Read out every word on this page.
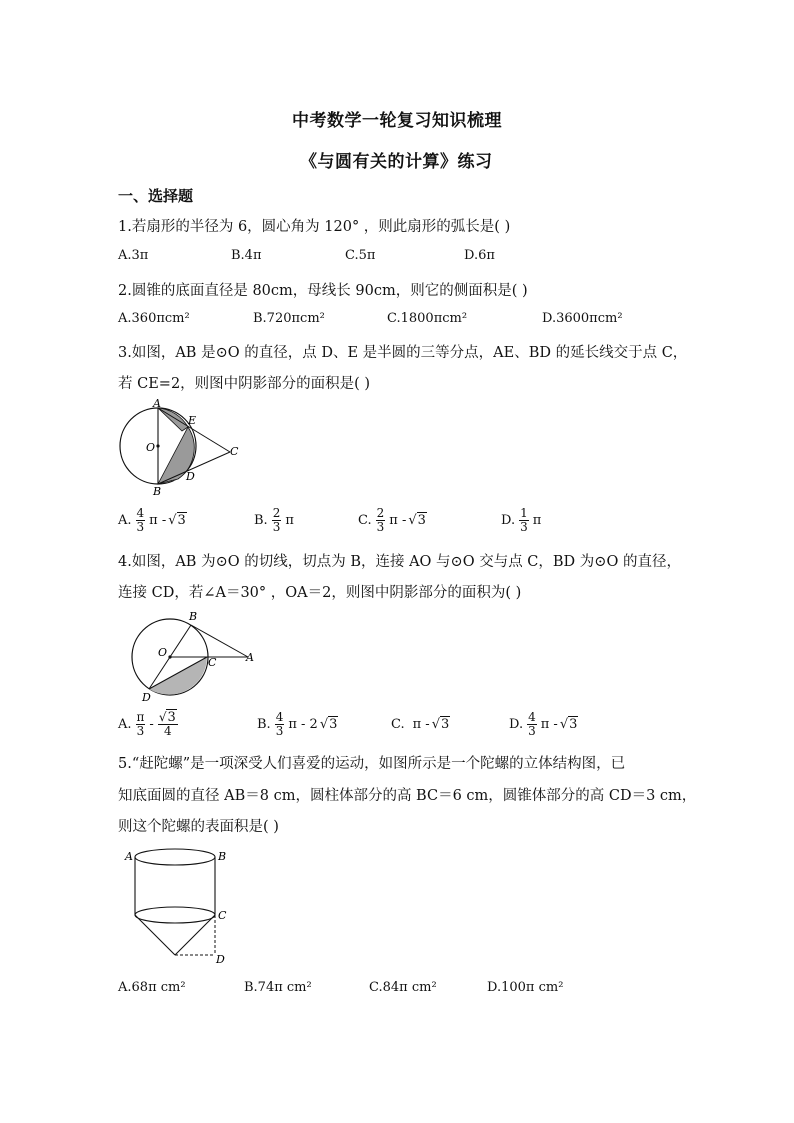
中考数学一轮复习知识梳理
《与圆有关的计算》练习
一、选择题
1.若扇形的半径为 6，圆心角为 120° ，则此扇形的弧长是( )
A.3π	B.4π	C.5π	D.6π
2.圆锥的底面直径是 80cm，母线长 90cm，则它的侧面积是( )
A.360πcm²	B.720πcm²	C.1800πcm²	D.3600πcm²
3.如图，AB 是⊙O 的直径，点 D、E 是半圆的三等分点，AE、BD 的延长线交于点 C，
若 CE=2，则图中阴影部分的面积是( )
A
E
O	C
D
B
A. $\frac{4}{3}$ π - √3	B. $\frac{2}{3}$ π	C. $\frac{2}{3}$ π - √3	D. $\frac{1}{3}$ π
4.如图，AB 为⊙O 的切线，切点为 B，连接 AO 与⊙O 交与点 C，BD 为⊙O 的直径，
连接 CD，若∠A＝30° ，OA＝2，则图中阴影部分的面积为( )
B
O
C	A
D
A. $\frac{\pi}{3} - \frac{√3}{4}$	B. $\frac{4}{3}$ π - 2 √3	C. π - √3	D. $\frac{4}{3}$ π - √3
5.“赶陀螺”是一项深受人们喜爱的运动，如图所示是一个陀螺的立体结构图，已
知底面圆的直径 AB＝8 cm，圆柱体部分的高 BC＝6 cm，圆锥体部分的高 CD＝3 cm，
则这个陀螺的表面积是( )
A	B
C
D
A.68π cm²	B.74π cm²	C.84π cm²	D.100π cm²
